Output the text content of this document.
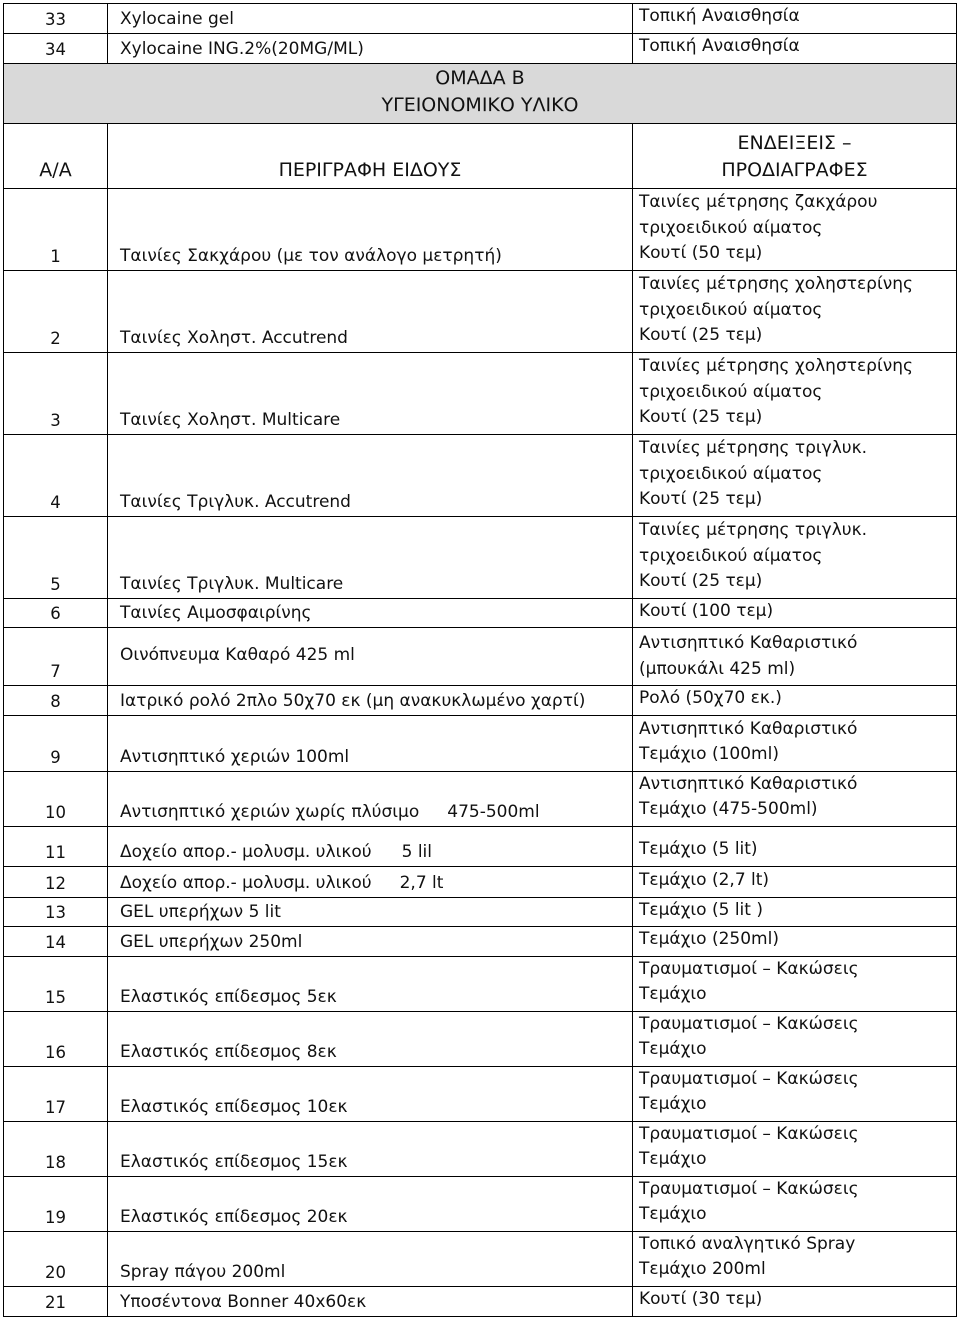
33	Xylocaine gel	Τοπική Αναισθησία

34	Xylocaine ING.2%(20MG/ML)	Τοπική Αναισθησία

ΟΜΑΔΑ Β
ΥΓΕΙΟΝΟΜΙΚΟ ΥΛΙΚΟ		

Α/Α	ΠΕΡΙΓΡΑΦΗ ΕΙΔΟΥΣ	ΕΝΔΕΙΞΕΙΣ –
ΠΡΟΔΙΑΓΡΑΦΕΣ

1	Ταινίες Σακχάρου (με τον ανάλογο μετρητή)	Ταινίες μέτρησης ζακχάρου
τριχοειδικού αίματος
Κουτί (50 τεμ)

2	Ταινίες Χοληστ. Accutrend	Ταινίες μέτρησης χοληστερίνης
τριχοειδικού αίματος
Κουτί (25 τεμ)

3	Ταινίες Χοληστ. Multicare	Ταινίες μέτρησης χοληστερίνης
τριχοειδικού αίματος
Κουτί (25 τεμ)

4	Ταινίες Τριγλυκ. Accutrend	Ταινίες μέτρησης τριγλυκ.
τριχοειδικού αίματος
Κουτί (25 τεμ)

5	Ταινίες Τριγλυκ. Multicare	Ταινίες μέτρησης τριγλυκ.
τριχοειδικού αίματος
Κουτί (25 τεμ)

6	Ταινίες Αιμοσφαιρίνης	Κουτί (100 τεμ)

7	Οινόπνευμα Καθαρό 425 ml	Αντισηπτικό Καθαριστικό
(μπουκάλι 425 ml)

8	Ιατρικό ρολό 2πλο 50χ70 εκ (μη ανακυκλωμένο χαρτί)	Ρολό (50χ70 εκ.)

9	Αντισηπτικό χεριών 100ml	Αντισηπτικό Καθαριστικό
Τεμάχιο (100ml)

10	Αντισηπτικό χεριών χωρίς πλύσιμο 475-500ml	Αντισηπτικό Καθαριστικό
Τεμάχιο (475-500ml)

11	Δοχείο απορ.- μολυσμ. υλικού 5 lil	Τεμάχιο (5 lit)

12	Δοχείο απορ.- μολυσμ. υλικού 2,7 lt	Τεμάχιο (2,7 lt)

13	GEL υπερήχων 5 lit	Τεμάχιο (5 lit )

14	GEL υπερήχων 250ml	Τεμάχιο (250ml)

15	Ελαστικός επίδεσμος 5εκ	Τραυματισμοί – Κακώσεις
Τεμάχιο

16	Ελαστικός επίδεσμος 8εκ	Τραυματισμοί – Κακώσεις
Τεμάχιο

17	Ελαστικός επίδεσμος 10εκ	Τραυματισμοί – Κακώσεις
Τεμάχιο

18	Ελαστικός επίδεσμος 15εκ	Τραυματισμοί – Κακώσεις
Τεμάχιο

19	Ελαστικός επίδεσμος 20εκ	Τραυματισμοί – Κακώσεις
Τεμάχιο

20	Spray πάγου 200ml	Τοπικό αναλγητικό Spray
Τεμάχιο 200ml

21	Υποσέντονα Bonner 40x60εκ	Κουτί (30 τεμ)
